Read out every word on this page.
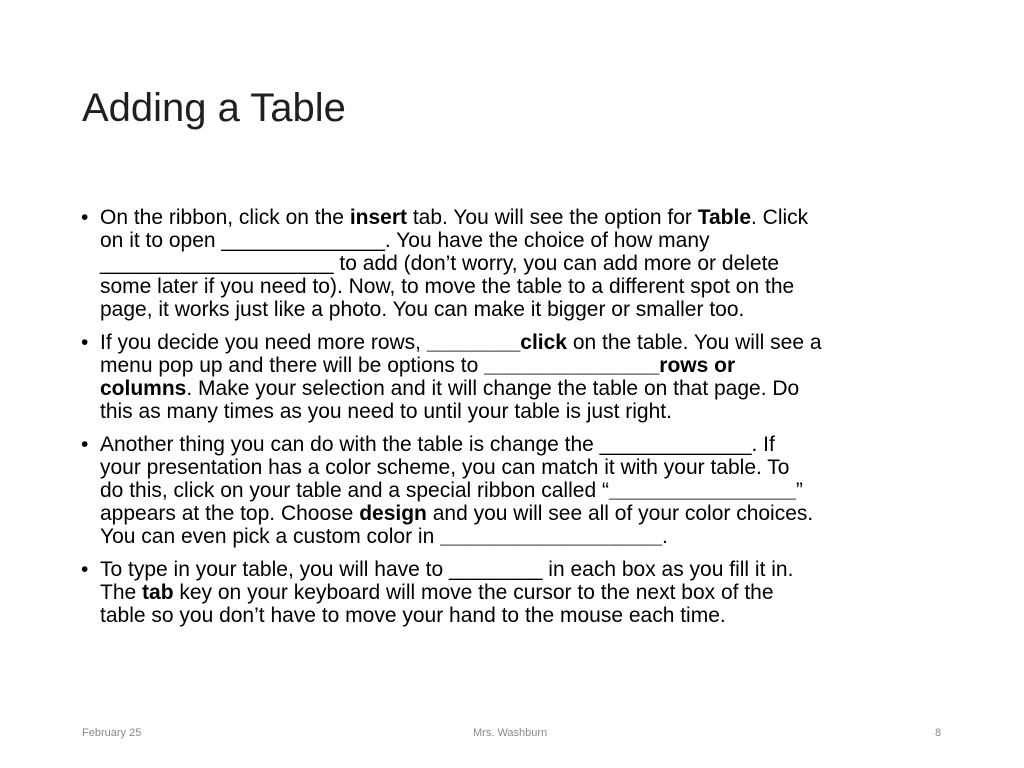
Adding a Table
• On the ribbon, click on the insert tab. You will see the option for Table. Click
on it to open ______________. You have the choice of how many
____________________ to add (don’t worry, you can add more or delete
some later if you need to). Now, to move the table to a different spot on the
page, it works just like a photo. You can make it bigger or smaller too.
• If you decide you need more rows, ________click on the table. You will see a
menu pop up and there will be options to _______________rows or
columns. Make your selection and it will change the table on that page. Do
this as many times as you need to until your table is just right.
• Another thing you can do with the table is change the _____________. If
your presentation has a color scheme, you can match it with your table. To
do this, click on your table and a special ribbon called “________________”
appears at the top. Choose design and you will see all of your color choices.
You can even pick a custom color in ___________________.
• To type in your table, you will have to ________ in each box as you fill it in.
The tab key on your keyboard will move the cursor to the next box of the
table so you don’t have to move your hand to the mouse each time.
February 25	Mrs. Washburn	8
